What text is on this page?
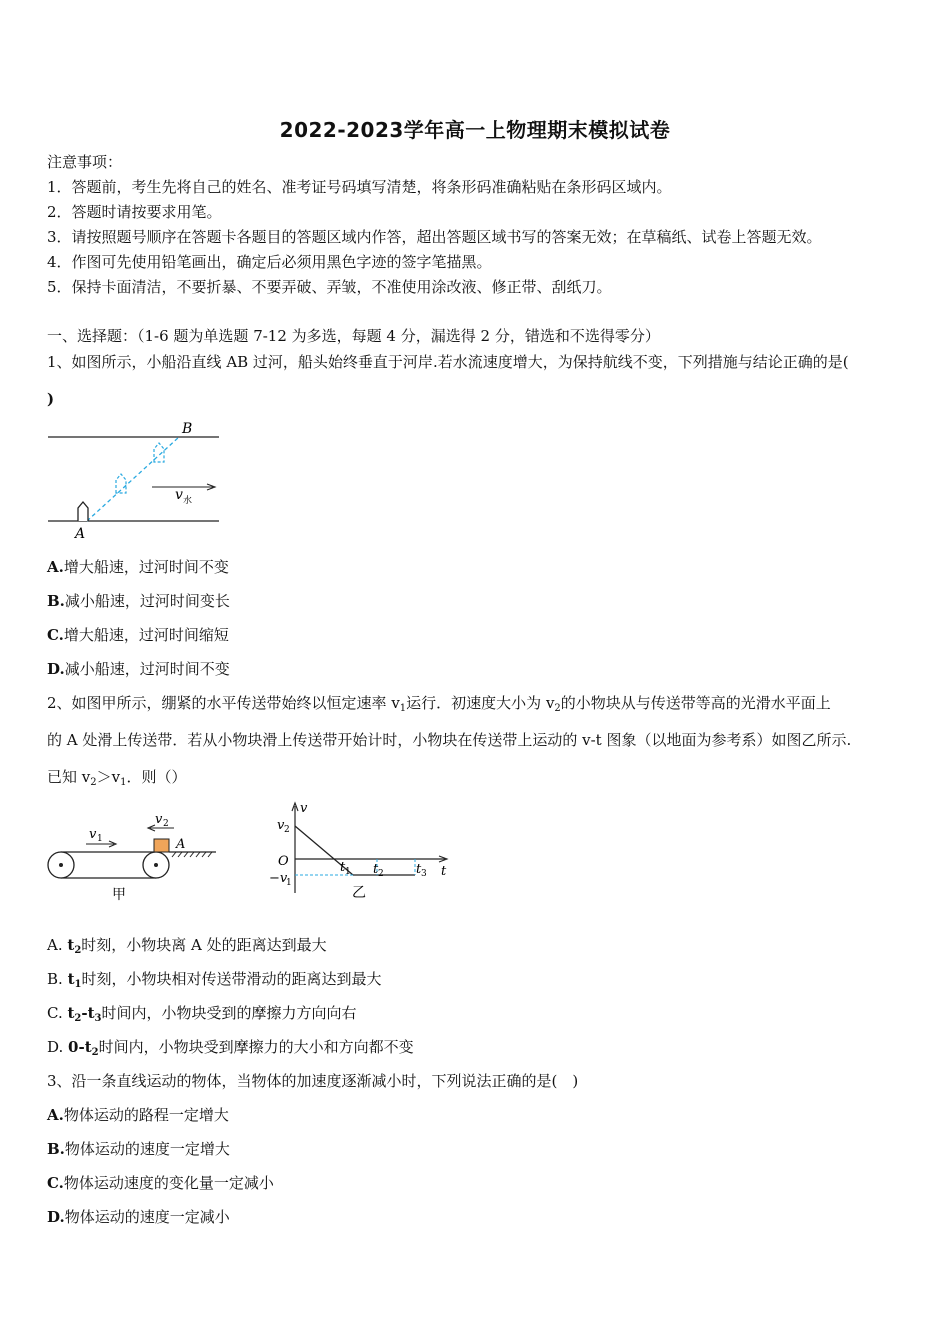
2022-2023学年高一上物理期末模拟试卷
注意事项：
1．答题前，考生先将自己的姓名、准考证号码填写清楚，将条形码准确粘贴在条形码区域内。
2．答题时请按要求用笔。
3．请按照题号顺序在答题卡各题目的答题区域内作答，超出答题区域书写的答案无效；在草稿纸、试卷上答题无效。
4．作图可先使用铅笔画出，确定后必须用黑色字迹的签字笔描黑。
5．保持卡面清洁，不要折暴、不要弄破、弄皱，不准使用涂改液、修正带、刮纸刀。
一、选择题：（1-6 题为单选题 7-12 为多选，每题 4 分，漏选得 2 分，错选和不选得零分）
1、如图所示，小船沿直线 AB 过河，船头始终垂直于河岸.若水流速度增大，为保持航线不变，下列措施与结论正确的是(
)
B
A
v 水
A.增大船速，过河时间不变
B.减小船速，过河时间变长
C.增大船速，过河时间缩短
D.减小船速，过河时间不变
2、如图甲所示，绷紧的水平传送带始终以恒定速率 $v_1$运行．初速度大小为 $v_2$的小物块从与传送带等高的光滑水平面上
的 A 处滑上传送带．若从小物块滑上传送带开始计时，小物块在传送带上运动的 v-t 图象（以地面为参考系）如图乙所示.
已知 $v_2>v_1$．则（）
v 1
v 2
A
甲
v
t
O
v 2
−v
1
t 1 t 2 t 3
乙
A. $t_2$时刻，小物块离 A 处的距离达到最大
B. $t_1$时刻，小物块相对传送带滑动的距离达到最大
C. $t_2-t_3$时间内，小物块受到的摩擦力方向向右
D. $0-t_2$时间内，小物块受到摩擦力的大小和方向都不变
3、沿一条直线运动的物体，当物体的加速度逐渐减小时，下列说法正确的是(　)
A.物体运动的路程一定增大
B.物体运动的速度一定增大
C.物体运动速度的变化量一定减小
D.物体运动的速度一定减小
